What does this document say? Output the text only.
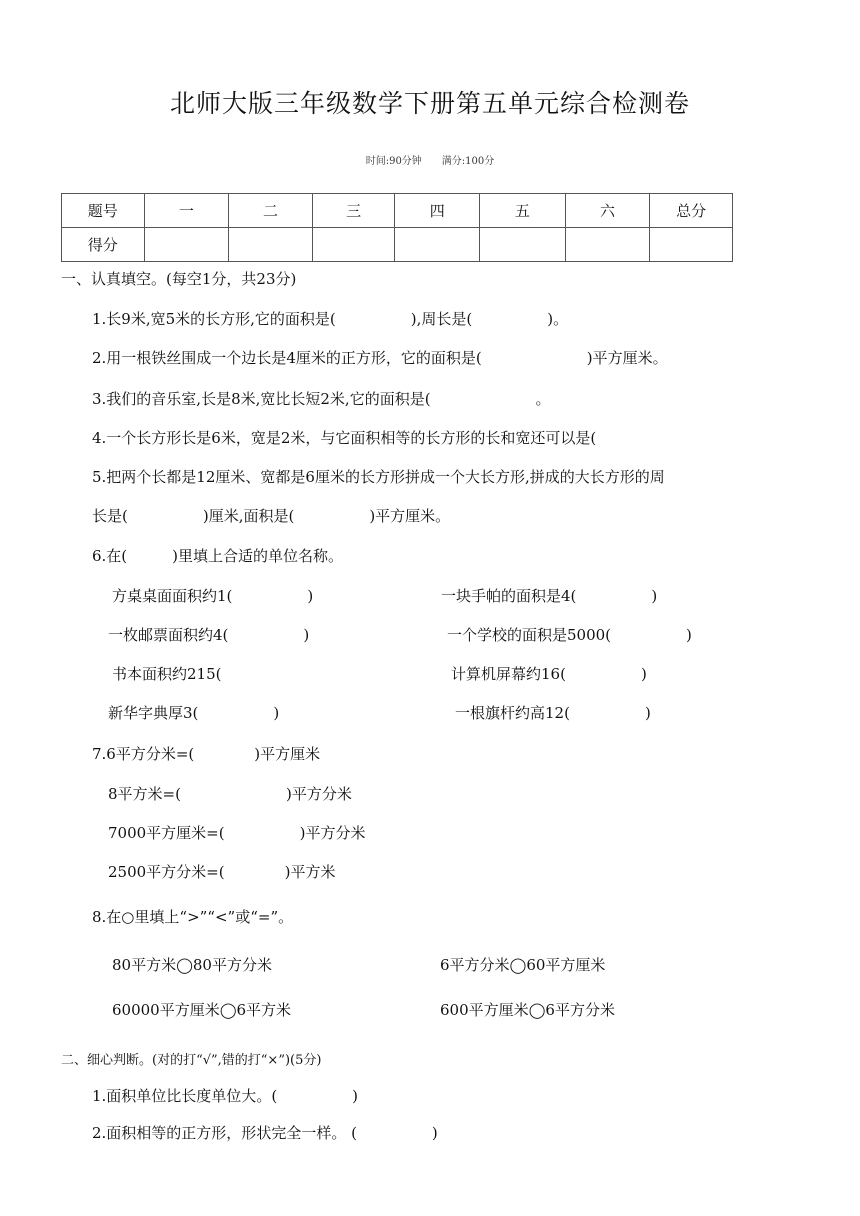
北师大版三年级数学下册第五单元综合检测卷
时间:90分钟　　满分:100分
题号	一	二	三	四	五	六	总分
得分							
一、认真填空。(每空1分，共23分)
1.长9米,宽5米的长方形,它的面积是(　　　　　),周长是(　　　　　)。
2.用一根铁丝围成一个边长是4厘米的正方形，它的面积是(　　　　　　　)平方厘米。
3.我们的音乐室,长是8米,宽比长短2米,它的面积是(　　　　　　　。
4.一个长方形长是6米，宽是2米，与它面积相等的长方形的长和宽还可以是(
5.把两个长都是12厘米、宽都是6厘米的长方形拼成一个大长方形,拼成的大长方形的周
长是(　　　　　)厘米,面积是(　　　　　)平方厘米。
6.在(　　　)里填上合适的单位名称。
方桌桌面面积约1(　　　　　)	一块手帕的面积是4(　　　　　)
一枚邮票面积约4(　　　　　)	一个学校的面积是5000(　　　　　)
书本面积约215(	计算机屏幕约16(　　　　　)
新华字典厚3(　　　　　)	一根旗杆约高12(　　　　　)
7.6平方分米=(　　　　)平方厘米
8平方米=(　　　　　　　)平方分米
7000平方厘米=(　　　　　)平方分米
2500平方分米=(　　　　)平方米
8.在○里填上“>”“<”或“=”。
80平方米◯80平方分米	6平方分米◯60平方厘米
60000平方厘米◯6平方米	600平方厘米◯6平方分米
二、细心判断。(对的打“√”,错的打“×”)(5分)
1.面积单位比长度单位大。(　　　　　)
2.面积相等的正方形，形状完全一样。 (　　　　　)
